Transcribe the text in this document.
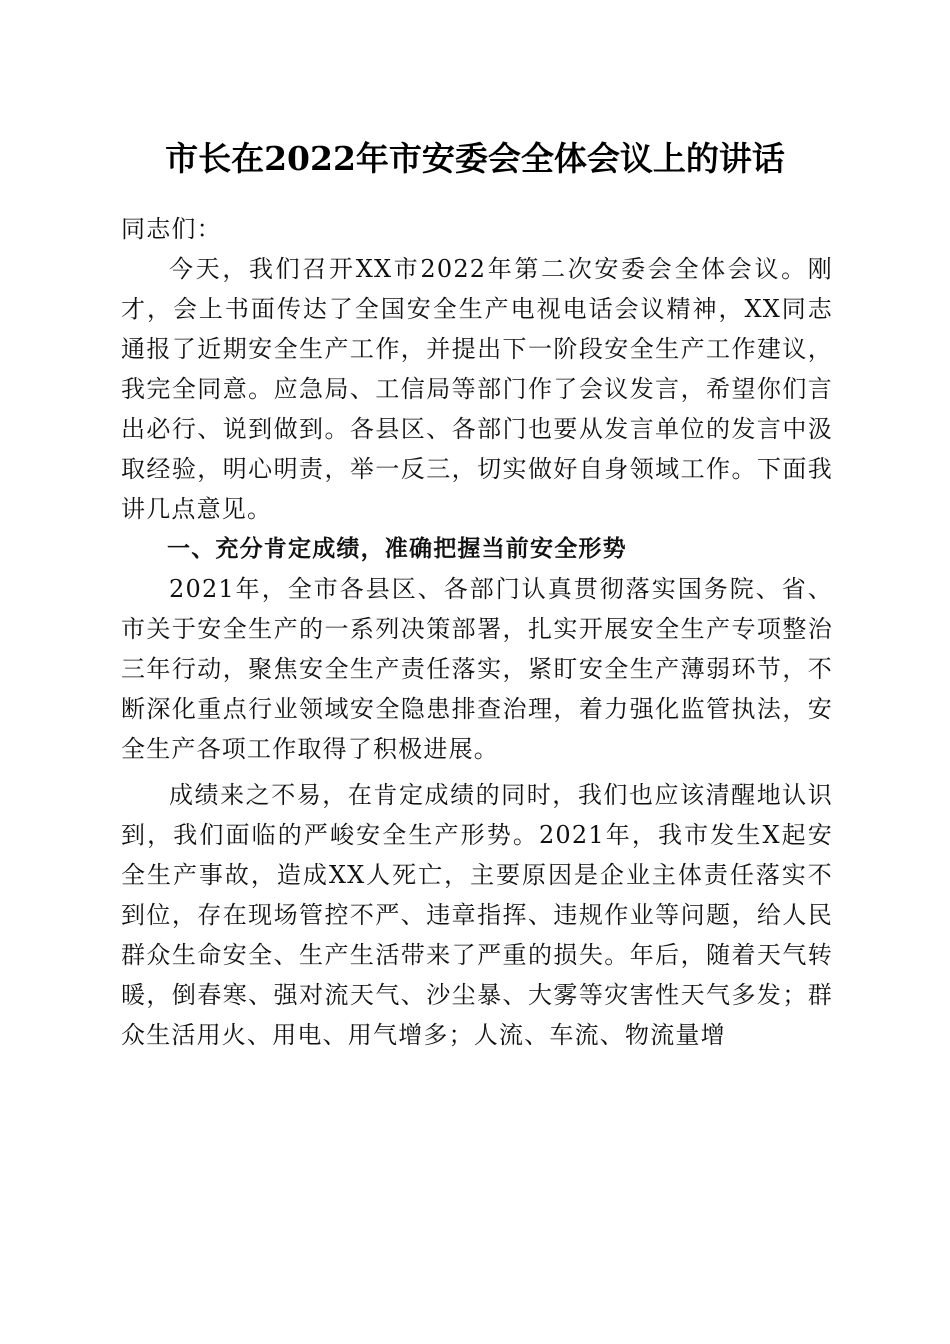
市长在2022年市安委会全体会议上的讲话

同志们：

今天，我们召开XX市2022年第二次安委会全体会议。刚才，会上书面传达了全国安全生产电视电话会议精神，XX同志通报了近期安全生产工作，并提出下一阶段安全生产工作建议，我完全同意。应急局、工信局等部门作了会议发言，希望你们言出必行、说到做到。各县区、各部门也要从发言单位的发言中汲取经验，明心明责，举一反三，切实做好自身领域工作。下面我讲几点意见。

一、充分肯定成绩，准确把握当前安全形势

2021年，全市各县区、各部门认真贯彻落实国务院、省、市关于安全生产的一系列决策部署，扎实开展安全生产专项整治三年行动，聚焦安全生产责任落实，紧盯安全生产薄弱环节，不断深化重点行业领域安全隐患排查治理，着力强化监管执法，安全生产各项工作取得了积极进展。

成绩来之不易，在肯定成绩的同时，我们也应该清醒地认识到，我们面临的严峻安全生产形势。2021年，我市发生X起安全生产事故，造成XX人死亡，主要原因是企业主体责任落实不到位，存在现场管控不严、违章指挥、违规作业等问题，给人民群众生命安全、生产生活带来了严重的损失。年后，随着天气转暖，倒春寒、强对流天气、沙尘暴、大雾等灾害性天气多发；群众生活用火、用电、用气增多；人流、车流、物流量增
